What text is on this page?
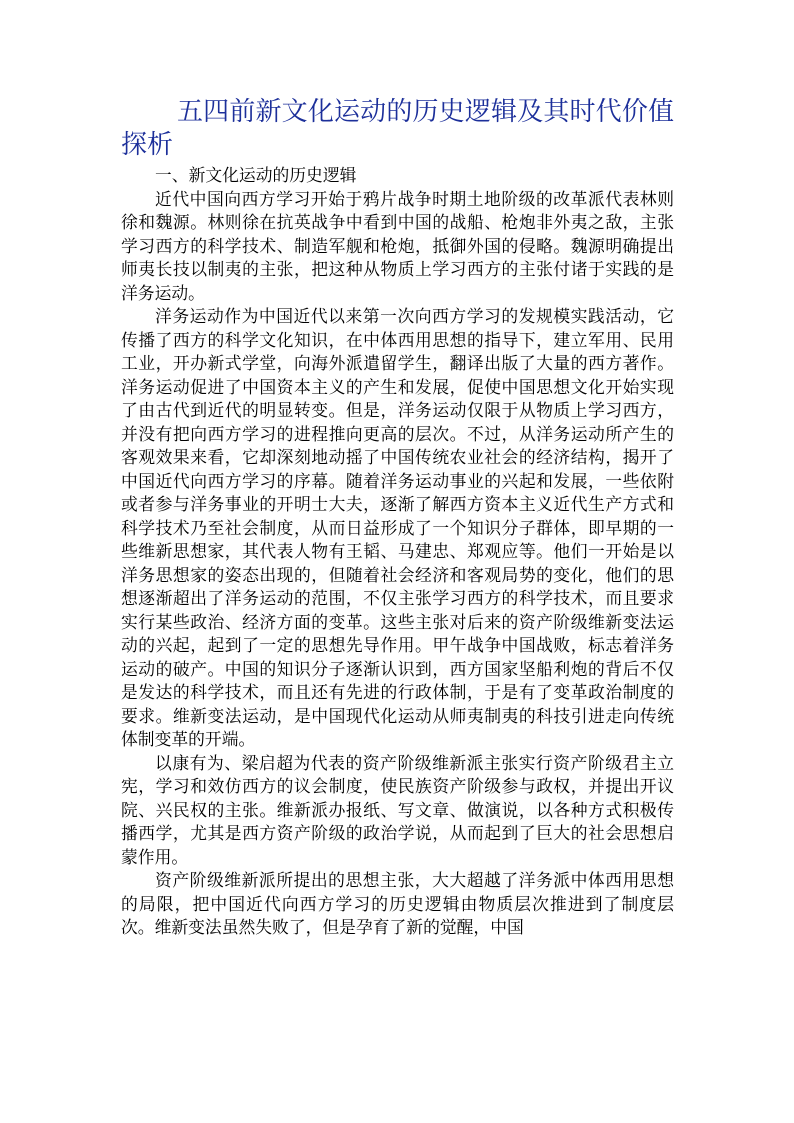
五四前新文化运动的历史逻辑及其时代价值探析

一、新文化运动的历史逻辑

近代中国向西方学习开始于鸦片战争时期土地阶级的改革派代表林则徐和魏源。林则徐在抗英战争中看到中国的战船、枪炮非外夷之敌，主张学习西方的科学技术、制造军舰和枪炮，抵御外国的侵略。魏源明确提出师夷长技以制夷的主张，把这种从物质上学习西方的主张付诸于实践的是洋务运动。

洋务运动作为中国近代以来第一次向西方学习的发规模实践活动，它传播了西方的科学文化知识，在中体西用思想的指导下，建立军用、民用工业，开办新式学堂，向海外派遣留学生，翻译出版了大量的西方著作。洋务运动促进了中国资本主义的产生和发展，促使中国思想文化开始实现了由古代到近代的明显转变。但是，洋务运动仅限于从物质上学习西方，并没有把向西方学习的进程推向更高的层次。不过，从洋务运动所产生的客观效果来看，它却深刻地动摇了中国传统农业社会的经济结构，揭开了中国近代向西方学习的序幕。随着洋务运动事业的兴起和发展，一些依附或者参与洋务事业的开明士大夫，逐渐了解西方资本主义近代生产方式和科学技术乃至社会制度，从而日益形成了一个知识分子群体，即早期的一些维新思想家，其代表人物有王韬、马建忠、郑观应等。他们一开始是以洋务思想家的姿态出现的，但随着社会经济和客观局势的变化，他们的思想逐渐超出了洋务运动的范围，不仅主张学习西方的科学技术，而且要求实行某些政治、经济方面的变革。这些主张对后来的资产阶级维新变法运动的兴起，起到了一定的思想先导作用。甲午战争中国战败，标志着洋务运动的破产。中国的知识分子逐渐认识到，西方国家坚船利炮的背后不仅是发达的科学技术，而且还有先进的行政体制，于是有了变革政治制度的要求。维新变法运动，是中国现代化运动从师夷制夷的科技引进走向传统体制变革的开端。

以康有为、梁启超为代表的资产阶级维新派主张实行资产阶级君主立宪，学习和效仿西方的议会制度，使民族资产阶级参与政权，并提出开议院、兴民权的主张。维新派办报纸、写文章、做演说，以各种方式积极传播西学，尤其是西方资产阶级的政治学说，从而起到了巨大的社会思想启蒙作用。

资产阶级维新派所提出的思想主张，大大超越了洋务派中体西用思想的局限，把中国近代向西方学习的历史逻辑由物质层次推进到了制度层次。维新变法虽然失败了，但是孕育了新的觉醒，中国
